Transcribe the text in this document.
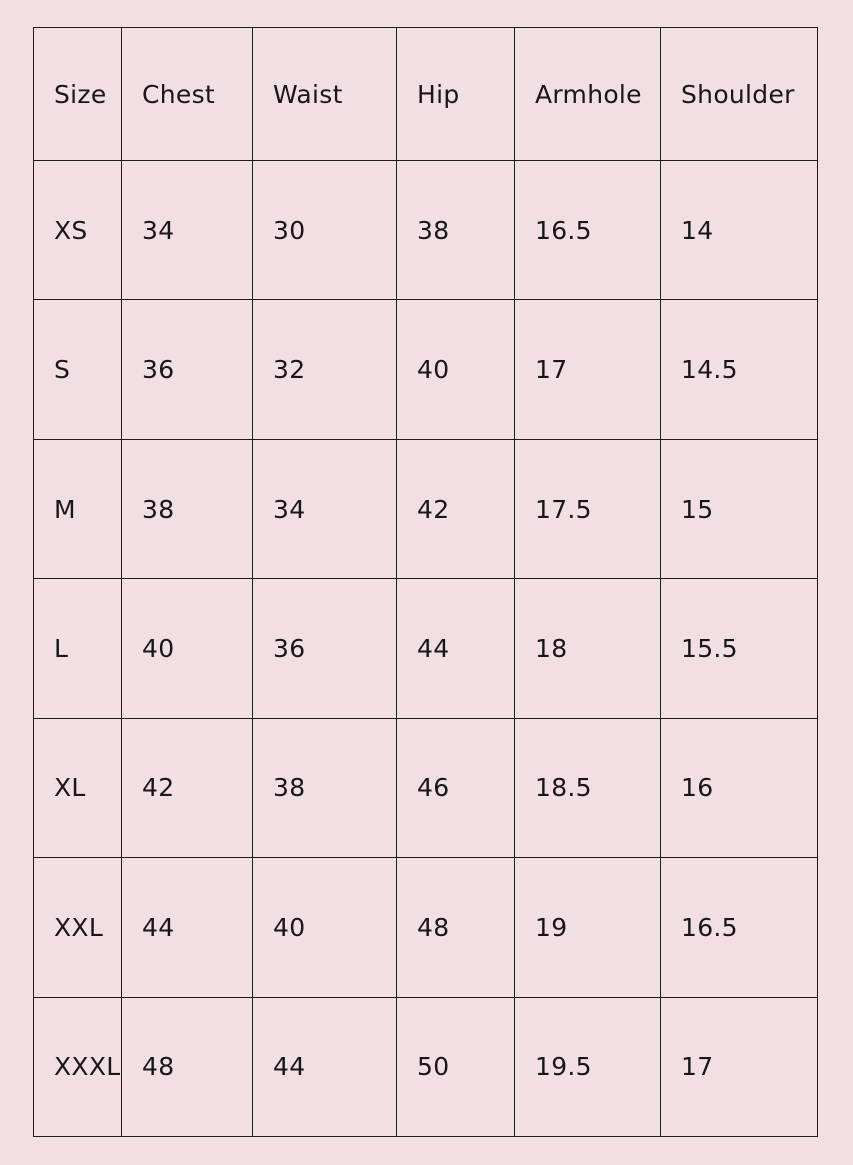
Size	Chest	Waist	Hip	Armhole	Shoulder
XS	34	30	38	16.5	14
S	36	32	40	17	14.5
M	38	34	42	17.5	15
L	40	36	44	18	15.5
XL	42	38	46	18.5	16
XXL	44	40	48	19	16.5
XXXL	48	44	50	19.5	17
